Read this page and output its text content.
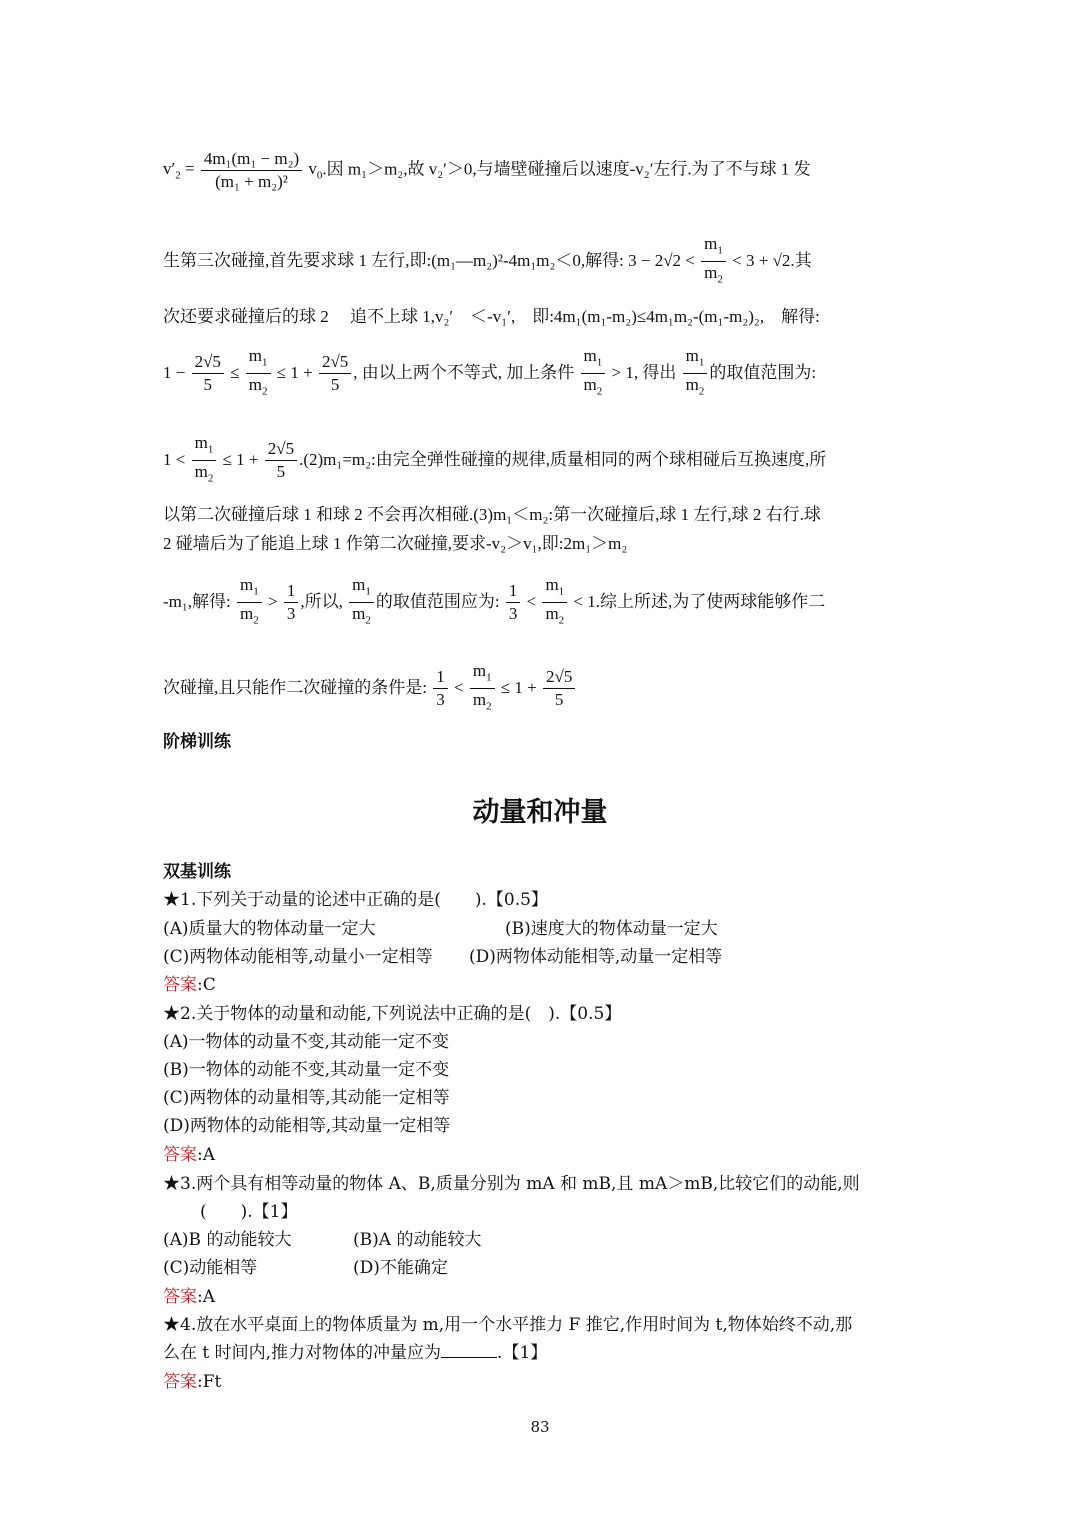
$v'_2 = \frac{\text{4m₁(m₁ − m₂)}}{\text{(m₁ + m₂)²}} v_0$.因 m₁＞m₂,故 v₂′＞0,与墙壁碰撞后以速度-v₂′左行.为了不与球 1 发
生第三次碰撞,首先要求球 1 左行,即:(m₁—m₂)²-4m₁m₂＜0,解得: $3 - 2√2 < \frac{m_1}{m_2} < 3 + √2$.其
次还要求碰撞后的球 2　 追不上球 1,v₂′　＜-v₁′,　即:4m₁(m₁-m₂)≤4m₁m₂-(m₁-m₂)₂,　解得:
$1 - \frac{2√5}{5} \le \frac{m_1}{m_2} \le 1 + \frac{2√5}{5}$ , 由以上两个不等式, 加上条件 $\frac{m_1}{m_2} > 1$, 得出 $\frac{m_1}{m_2}$ 的取值范围为:
$1 < \frac{m_1}{m_2} \le 1 + \frac{2√5}{5} .(2)m_1=m_2$:由完全弹性碰撞的规律,质量相同的两个球相碰后互换速度,所
以第二次碰撞后球 1 和球 2 不会再次相碰.(3)m₁＜m₂:第一次碰撞后,球 1 左行,球 2 右行.球
2 碰墙后为了能追上球 1 作第二次碰撞,要求-v₂＞v₁,即:2m₁＞m₂
-m₁,解得: $\frac{m_1}{m_2} > \frac{1}{3}$ ,所以, $\frac{m_1}{m_2}$ 的取值范围应为: $\frac{1}{3} < \frac{m_1}{m_2} < 1$.综上所述,为了使两球能够作二
次碰撞,且只能作二次碰撞的条件是: $\frac{1}{3} < \frac{m_1}{m_2} \le 1 + \frac{2√5}{5}$
阶梯训练
动量和冲量
双基训练
★1.下列关于动量的论述中正确的是(　　).【0.5】
(A)质量大的物体动量一定大	(B)速度大的物体动量一定大
(C)两物体动能相等,动量小一定相等 (D)两物体动能相等,动量一定相等
答案:C
★2.关于物体的动量和动能,下列说法中正确的是(　).【0.5】
(A)一物体的动量不变,其动能一定不变
(B)一物体的动能不变,其动量一定不变
(C)两物体的动量相等,其动能一定相等
(D)两物体的动能相等,其动量一定相等
答案:A
★3.两个具有相等动量的物体 A、B,质量分别为 mA 和 mB,且 mA＞mB,比较它们的动能,则
(　　).【1】
(A)B 的动能较大	(B)A 的动能较大
(C)动能相等	(D)不能确定
答案:A
★4.放在水平桌面上的物体质量为 m,用一个水平推力 F 推它,作用时间为 t,物体始终不动,那
么在 t 时间内,推力对物体的冲量应为	.【1】
答案:Ft
83
